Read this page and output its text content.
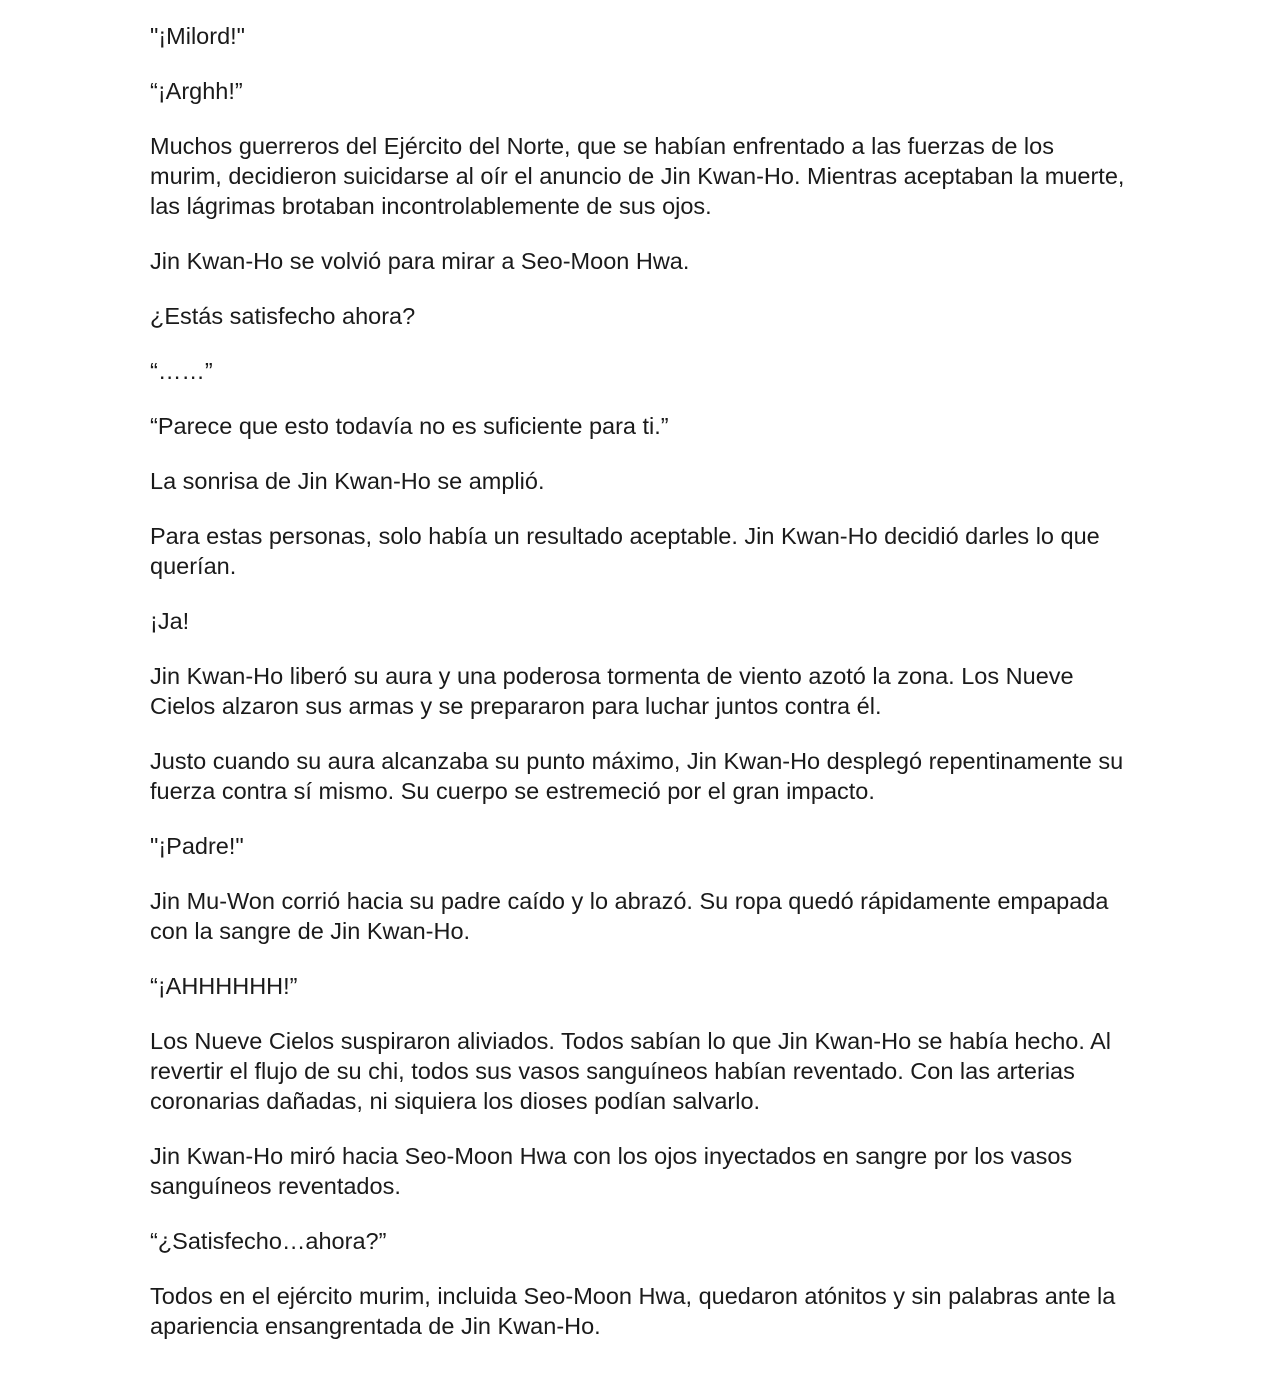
"¡Milord!"

“¡Arghh!”

Muchos guerreros del Ejército del Norte, que se habían enfrentado a las fuerzas de los murim, decidieron suicidarse al oír el anuncio de Jin Kwan-Ho. Mientras aceptaban la muerte, las lágrimas brotaban incontrolablemente de sus ojos.

Jin Kwan-Ho se volvió para mirar a Seo-Moon Hwa.

¿Estás satisfecho ahora?

“……”

“Parece que esto todavía no es suficiente para ti.”

La sonrisa de Jin Kwan-Ho se amplió.

Para estas personas, solo había un resultado aceptable. Jin Kwan-Ho decidió darles lo que querían.

¡Ja!

Jin Kwan-Ho liberó su aura y una poderosa tormenta de viento azotó la zona. Los Nueve Cielos alzaron sus armas y se prepararon para luchar juntos contra él.

Justo cuando su aura alcanzaba su punto máximo, Jin Kwan-Ho desplegó repentinamente su fuerza contra sí mismo. Su cuerpo se estremeció por el gran impacto.

"¡Padre!"

Jin Mu-Won corrió hacia su padre caído y lo abrazó. Su ropa quedó rápidamente empapada con la sangre de Jin Kwan-Ho.

“¡AHHHHHH!”

Los Nueve Cielos suspiraron aliviados. Todos sabían lo que Jin Kwan-Ho se había hecho. Al revertir el flujo de su chi, todos sus vasos sanguíneos habían reventado. Con las arterias coronarias dañadas, ni siquiera los dioses podían salvarlo.

Jin Kwan-Ho miró hacia Seo-Moon Hwa con los ojos inyectados en sangre por los vasos sanguíneos reventados.

“¿Satisfecho…ahora?”

Todos en el ejército murim, incluida Seo-Moon Hwa, quedaron atónitos y sin palabras ante la apariencia ensangrentada de Jin Kwan-Ho.
